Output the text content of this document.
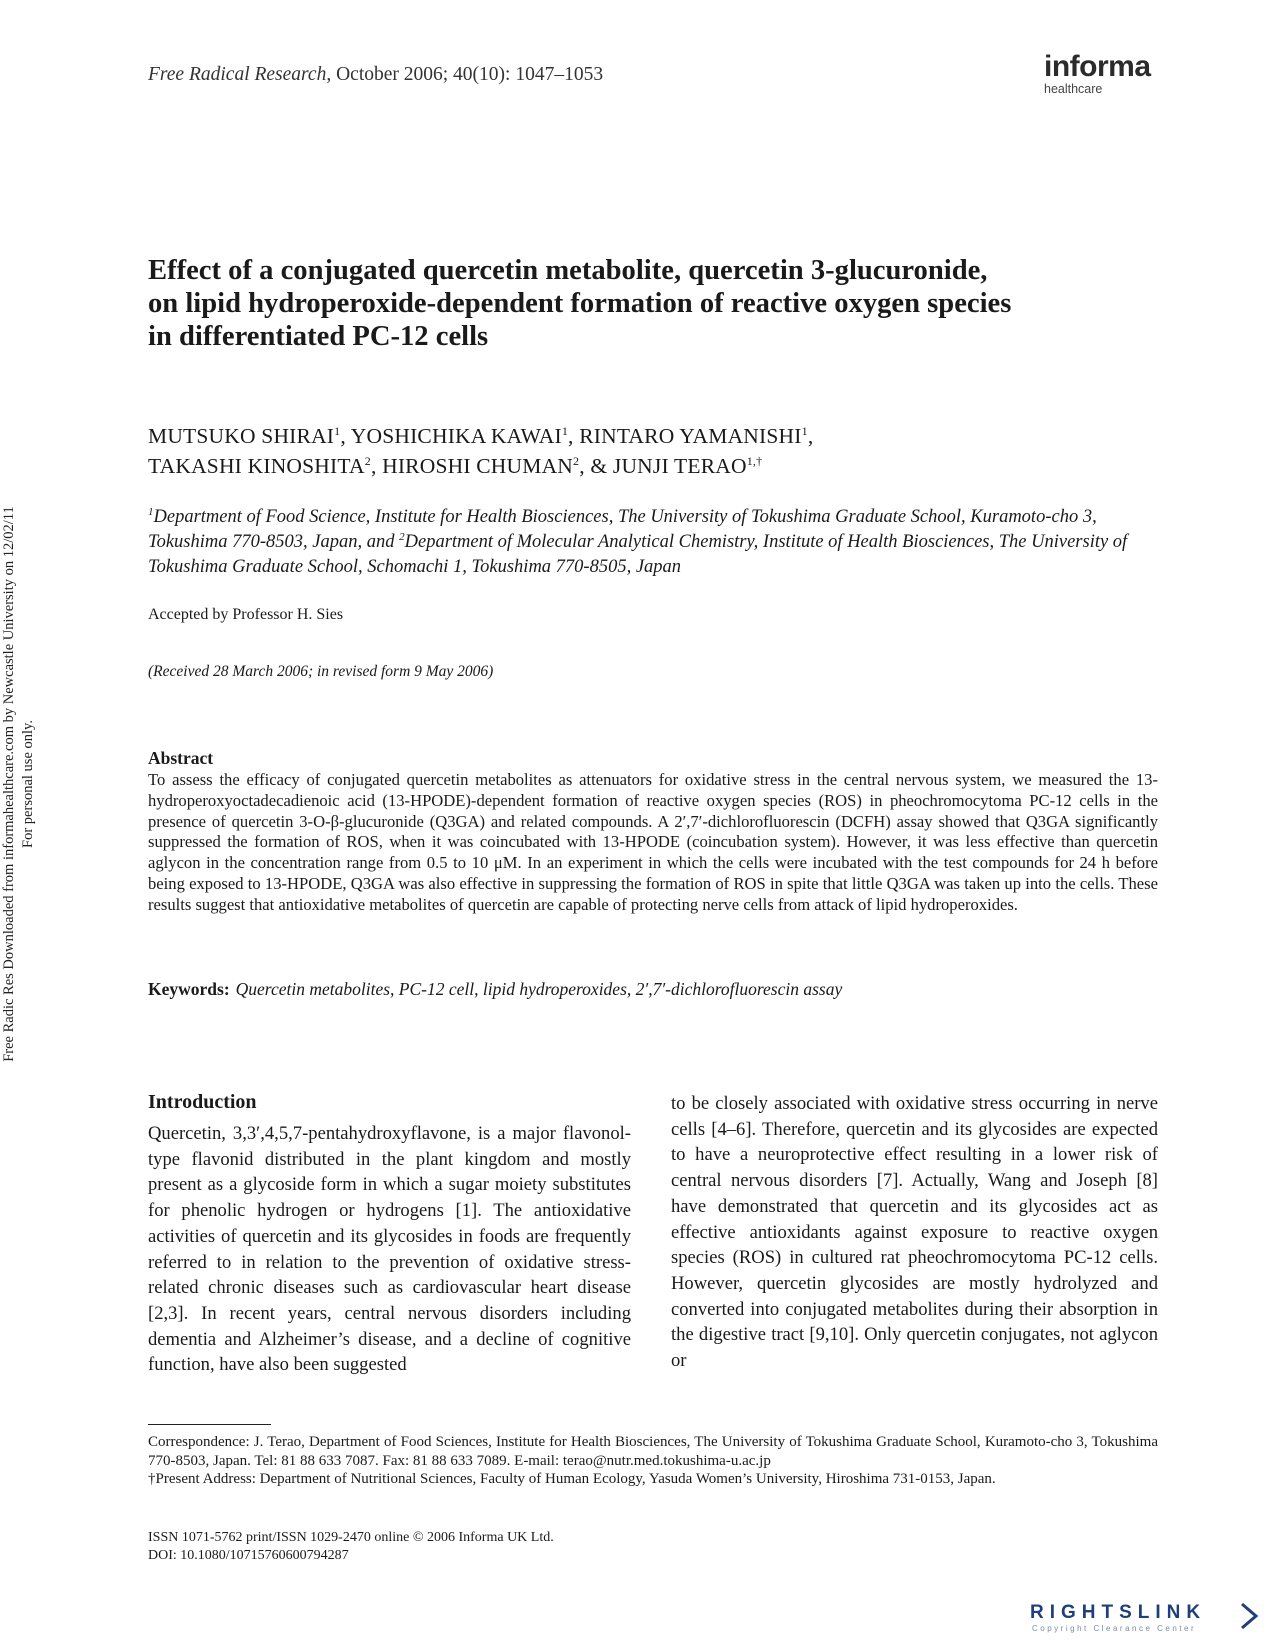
Free Radical Research, October 2006; 40(10): 1047–1053	informa
healthcare
Free Radic Res Downloaded from informahealthcare.com by Newcastle University on 12/02/11 For personal use only.
Effect of a conjugated quercetin metabolite, quercetin 3-glucuronide,
on lipid hydroperoxide-dependent formation of reactive oxygen species
in differentiated PC-12 cells
MUTSUKO SHIRAI$^1$, YOSHICHIKA KAWAI$^1$, RINTARO YAMANISHI$^1$,
TAKASHI KINOSHITA$^2$, HIROSHI CHUMAN$^2$, & JUNJI $TERAO^{1,\dagger}$
$^1$Department of Food Science, Institute for Health Biosciences, The University of Tokushima Graduate School, Kuramoto-cho 3, Tokushima 770-8503, Japan, and $^2$Department of Molecular Analytical Chemistry, Institute of Health Biosciences, The University of Tokushima Graduate School, Schomachi 1, Tokushima 770-8505, Japan
Accepted by Professor H. Sies
(Received 28 March 2006; in revised form 9 May 2006)
Abstract
To assess the efficacy of conjugated quercetin metabolites as attenuators for oxidative stress in the central nervous system, we measured the 13-hydroperoxyoctadecadienoic acid (13-HPODE)-dependent formation of reactive oxygen species (ROS) in pheochromocytoma PC-12 cells in the presence of quercetin 3-O-β-glucuronide (Q3GA) and related compounds. A 2′,7′-dichlorofluorescin (DCFH) assay showed that Q3GA significantly suppressed the formation of ROS, when it was coincubated with 13-HPODE (coincubation system). However, it was less effective than quercetin aglycon in the concentration range from 0.5 to 10 μM. In an experiment in which the cells were incubated with the test compounds for 24 h before being exposed to 13-HPODE, Q3GA was also effective in suppressing the formation of ROS in spite that little Q3GA was taken up into the cells. These results suggest that antioxidative metabolites of quercetin are capable of protecting nerve cells from attack of lipid hydroperoxides.
Keywords: Quercetin metabolites, PC-12 cell, lipid hydroperoxides, 2′,7′-dichlorofluorescin assay
Introduction
Quercetin, 3,3′,4,5,7-pentahydroxyflavone, is a major flavonol-type flavonid distributed in the plant kingdom and mostly present as a glycoside form in which a sugar moiety substitutes for phenolic hydrogen or hydrogens [1]. The antioxidative activities of quercetin and its glycosides in foods are frequently referred to in relation to the prevention of oxidative stress-related chronic diseases such as cardiovascular heart disease [2,3]. In recent years, central nervous disorders including dementia and Alzheimer’s disease, and a decline of cognitive function, have also been suggested
to be closely associated with oxidative stress occurring in nerve cells [4–6]. Therefore, quercetin and its glycosides are expected to have a neuroprotective effect resulting in a lower risk of central nervous disorders [7]. Actually, Wang and Joseph [8] have demonstrated that quercetin and its glycosides act as effective antioxidants against exposure to reactive oxygen species (ROS) in cultured rat pheochromocytoma PC-12 cells. However, quercetin glycosides are mostly hydrolyzed and converted into conjugated metabolites during their absorption in the digestive tract [9,10]. Only quercetin conjugates, not aglycon or
Correspondence: J. Terao, Department of Food Sciences, Institute for Health Biosciences, The University of Tokushima Graduate School, Kuramoto-cho 3, Tokushima 770-8503, Japan. Tel: 81 88 633 7087. Fax: 81 88 633 7089. E-mail: terao@nutr.med.tokushima-u.ac.jp
†Present Address: Department of Nutritional Sciences, Faculty of Human Ecology, Yasuda Women’s University, Hiroshima 731-0153, Japan.
ISSN 1071-5762 print/ISSN 1029-2470 online © 2006 Informa UK Ltd.
DOI: 10.1080/10715760600794287
RIGHTSLINK
Copyright Clearance Center
